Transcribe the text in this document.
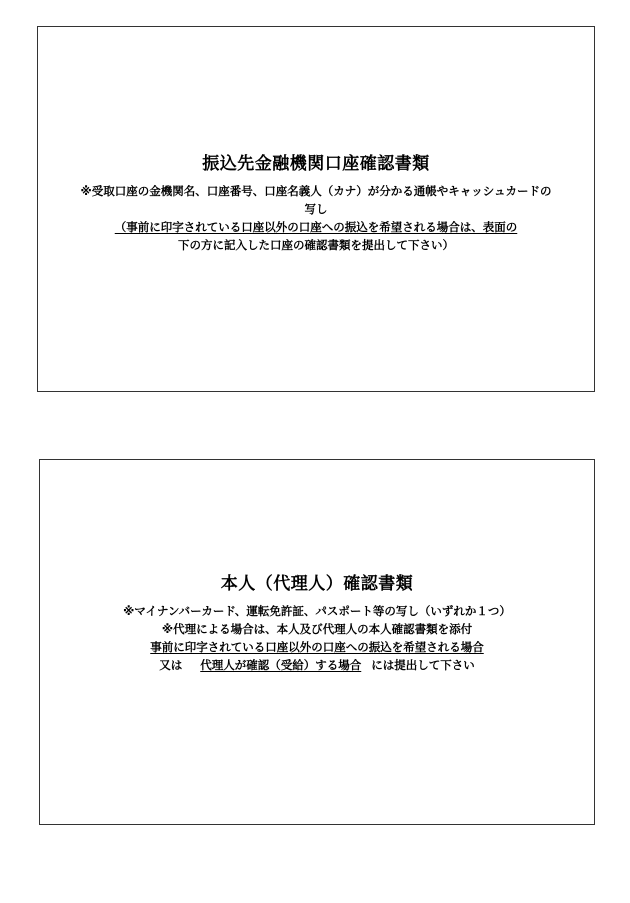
振込先金融機関口座確認書類

※受取口座の金機関名、口座番号、口座名義人（カナ）が分かる通帳やキャッシュカードの

写し

（事前に印字されている口座以外の口座への振込を希望される場合は、表面の

下の方に記入した口座の確認書類を提出して下さい）

本人（代理人）確認書類

※マイナンバーカード、運転免許証、パスポート等の写し（いずれか１つ）

※代理による場合は、本人及び代理人の本人確認書類を添付

事前に印字されている口座以外の口座への振込を希望される場合

又は 代理人が確認（受給）する場合 には提出して下さい
